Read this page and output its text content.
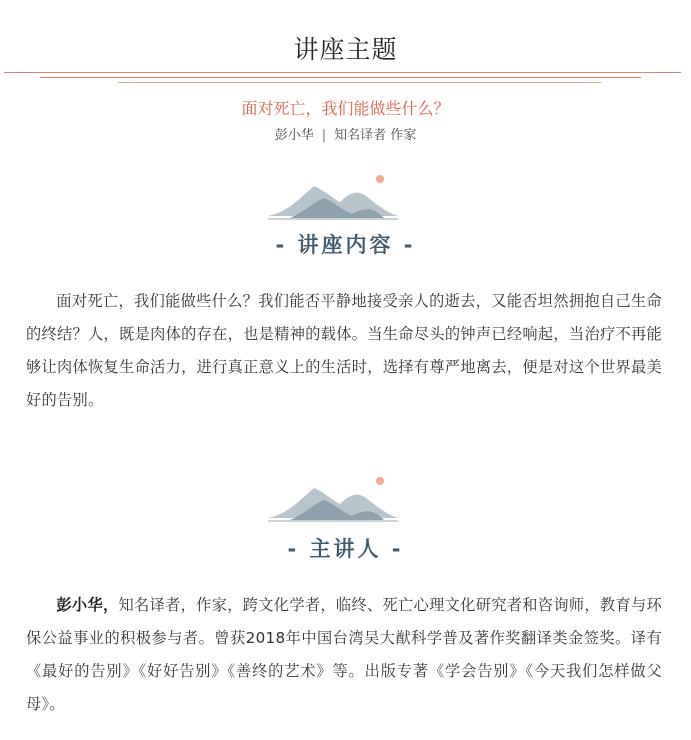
讲座主题
面对死亡，我们能做些什么？
彭小华 | 知名译者 作家
- 讲座内容 -

面对死亡，我们能做些什么？我们能否平静地接受亲人的逝去，又能否坦然拥抱自己生命的终结？人，既是肉体的存在，也是精神的载体。当生命尽头的钟声已经响起，当治疗不再能够让肉体恢复生命活力，进行真正意义上的生活时，选择有尊严地离去，便是对这个世界最美好的告别。

- 主讲人 -

彭小华，知名译者，作家，跨文化学者，临终、死亡心理文化研究者和咨询师，教育与环保公益事业的积极参与者。曾获2018年中国台湾吴大猷科学普及著作奖翻译类金签奖。译有《最好的告别》《好好告别》《善终的艺术》等。出版专著《学会告别》《今天我们怎样做父母》。
